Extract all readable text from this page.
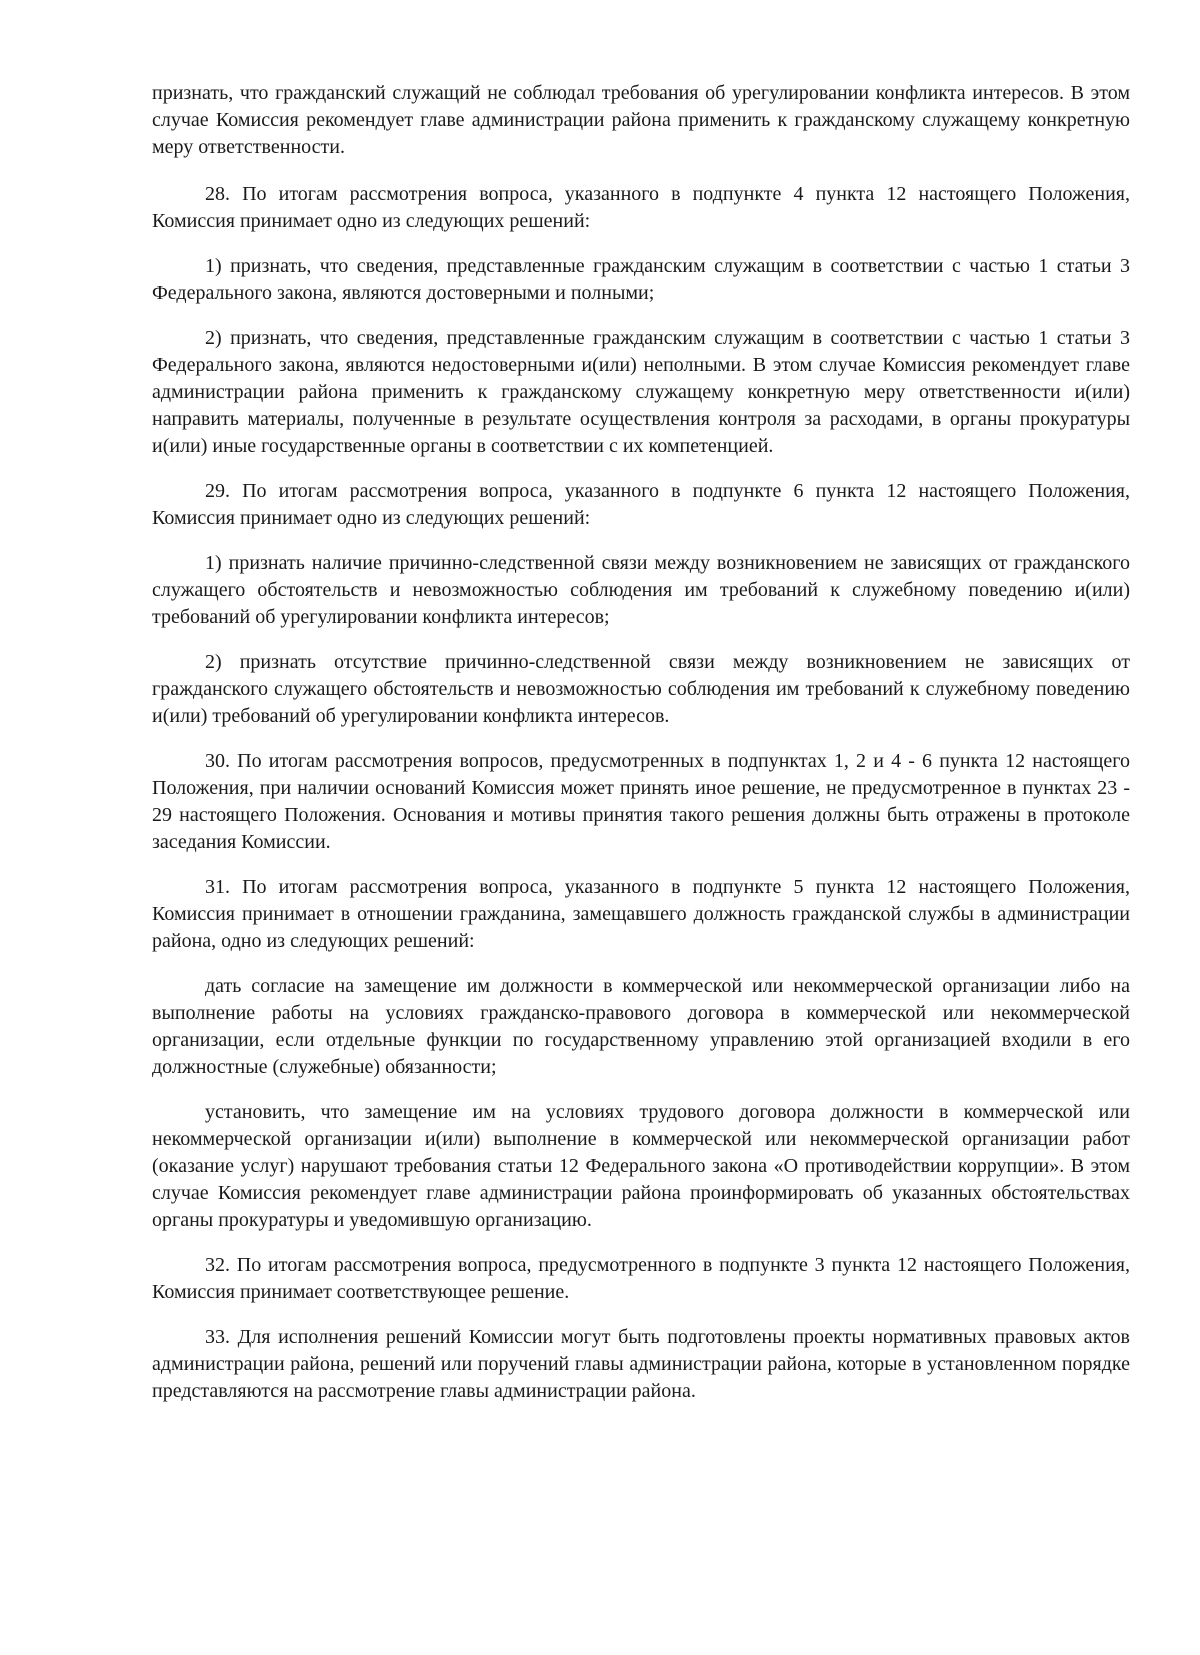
признать, что гражданский служащий не соблюдал требования об урегулировании конфликта интересов. В этом случае Комиссия рекомендует главе администрации района применить к гражданскому служащему конкретную меру ответственности.

28. По итогам рассмотрения вопроса, указанного в подпункте 4 пункта 12 настоящего Положения, Комиссия принимает одно из следующих решений:

1) признать, что сведения, представленные гражданским служащим в соответствии с частью 1 статьи 3 Федерального закона, являются достоверными и полными;

2) признать, что сведения, представленные гражданским служащим в соответствии с частью 1 статьи 3 Федерального закона, являются недостоверными и(или) неполными. В этом случае Комиссия рекомендует главе администрации района применить к гражданскому служащему конкретную меру ответственности и(или) направить материалы, полученные в результате осуществления контроля за расходами, в органы прокуратуры и(или) иные государственные органы в соответствии с их компетенцией.

29. По итогам рассмотрения вопроса, указанного в подпункте 6 пункта 12 настоящего Положения, Комиссия принимает одно из следующих решений:

1) признать наличие причинно-следственной связи между возникновением не зависящих от гражданского служащего обстоятельств и невозможностью соблюдения им требований к служебному поведению и(или) требований об урегулировании конфликта интересов;

2) признать отсутствие причинно-следственной связи между возникновением не зависящих от гражданского служащего обстоятельств и невозможностью соблюдения им требований к служебному поведению и(или) требований об урегулировании конфликта интересов.

30. По итогам рассмотрения вопросов, предусмотренных в подпунктах 1, 2 и 4 - 6 пункта 12 настоящего Положения, при наличии оснований Комиссия может принять иное решение, не предусмотренное в пунктах 23 - 29 настоящего Положения. Основания и мотивы принятия такого решения должны быть отражены в протоколе заседания Комиссии.

31. По итогам рассмотрения вопроса, указанного в подпункте 5 пункта 12 настоящего Положения, Комиссия принимает в отношении гражданина, замещавшего должность гражданской службы в администрации района, одно из следующих решений:

дать согласие на замещение им должности в коммерческой или некоммерческой организации либо на выполнение работы на условиях гражданско-правового договора в коммерческой или некоммерческой организации, если отдельные функции по государственному управлению этой организацией входили в его должностные (служебные) обязанности;

установить, что замещение им на условиях трудового договора должности в коммерческой или некоммерческой организации и(или) выполнение в коммерческой или некоммерческой организации работ (оказание услуг) нарушают требования статьи 12 Федерального закона «О противодействии коррупции». В этом случае Комиссия рекомендует главе администрации района проинформировать об указанных обстоятельствах органы прокуратуры и уведомившую организацию.

32. По итогам рассмотрения вопроса, предусмотренного в подпункте 3 пункта 12 настоящего Положения, Комиссия принимает соответствующее решение.

33. Для исполнения решений Комиссии могут быть подготовлены проекты нормативных правовых актов администрации района, решений или поручений главы администрации района, которые в установленном порядке представляются на рассмотрение главы администрации района.
